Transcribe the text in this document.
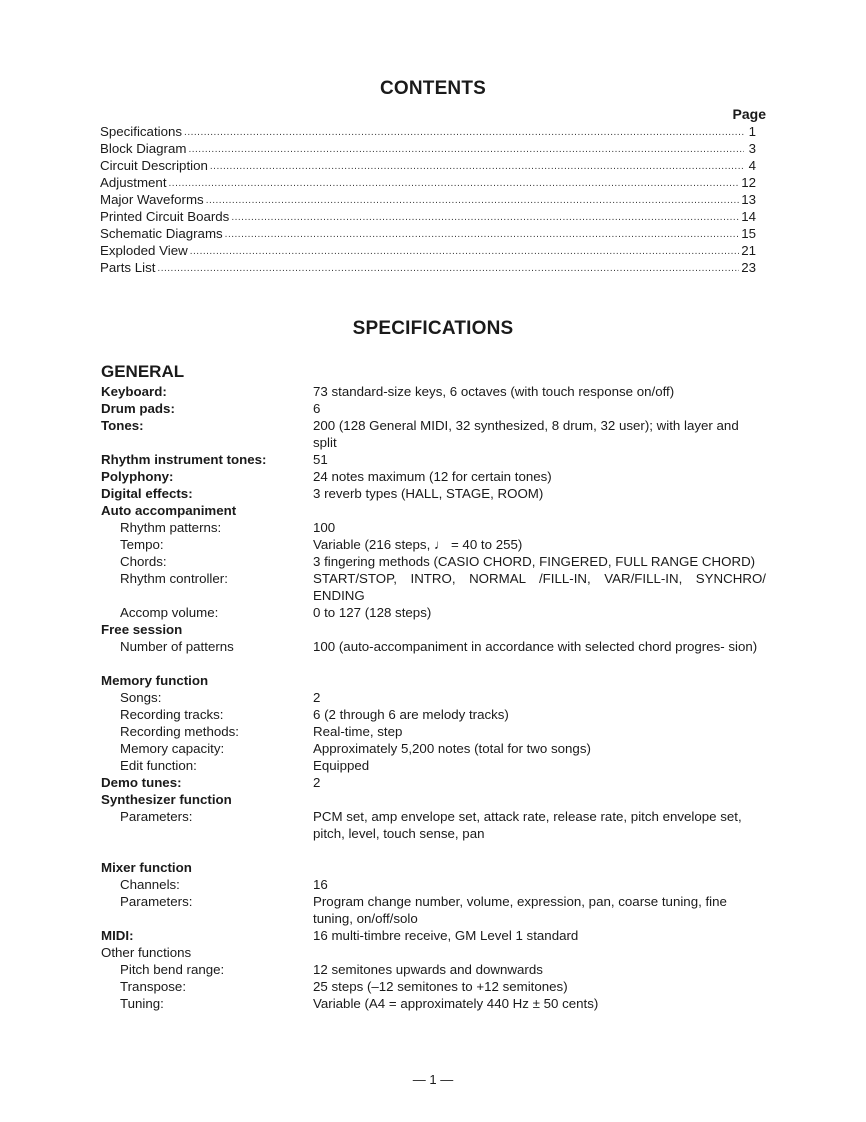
CONTENTS
Page
Specifications .....	1
Block Diagram .....	3
Circuit Description .....	4
Adjustment .....	12
Major Waveforms .....	13
Printed Circuit Boards .....	14
Schematic Diagrams .....	15
Exploded View .....	21
Parts List .....	23
SPECIFICATIONS
GENERAL
Keyboard:	73 standard-size keys, 6 octaves (with touch response on/off)
Drum pads:	6
Tones:	200 (128 General MIDI, 32 synthesized, 8 drum, 32 user); with layer and split
Rhythm instrument tones:	51
Polyphony:	24 notes maximum (12 for certain tones)
Digital effects:	3 reverb types (HALL, STAGE, ROOM)
Auto accompaniment
Rhythm patterns:	100
Tempo:	Variable (216 steps, ♩ = 40 to 255)
Chords:	3 fingering methods (CASIO CHORD, FINGERED, FULL RANGE CHORD)
Rhythm controller:	START/STOP, INTRO, NORMAL /FILL-IN, VAR/FILL-IN, SYNCHRO/ ENDING
Accomp volume:	0 to 127 (128 steps)
Free session
Number of patterns	100 (auto-accompaniment in accordance with selected chord progres- sion)
Memory function
Songs:	2
Recording tracks:	6 (2 through 6 are melody tracks)
Recording methods:	Real-time, step
Memory capacity:	Approximately 5,200 notes (total for two songs)
Edit function:	Equipped
Demo tunes:	2
Synthesizer function
Parameters:	PCM set, amp envelope set, attack rate, release rate, pitch envelope set, pitch, level, touch sense, pan
Mixer function
Channels:	16
Parameters:	Program change number, volume, expression, pan, coarse tuning, fine tuning, on/off/solo
MIDI:	16 multi-timbre receive, GM Level 1 standard
Other functions
Pitch bend range:	12 semitones upwards and downwards
Transpose:	25 steps (–12 semitones to +12 semitones)
Tuning:	Variable (A4 = approximately 440 Hz ± 50 cents)
— 1 —
